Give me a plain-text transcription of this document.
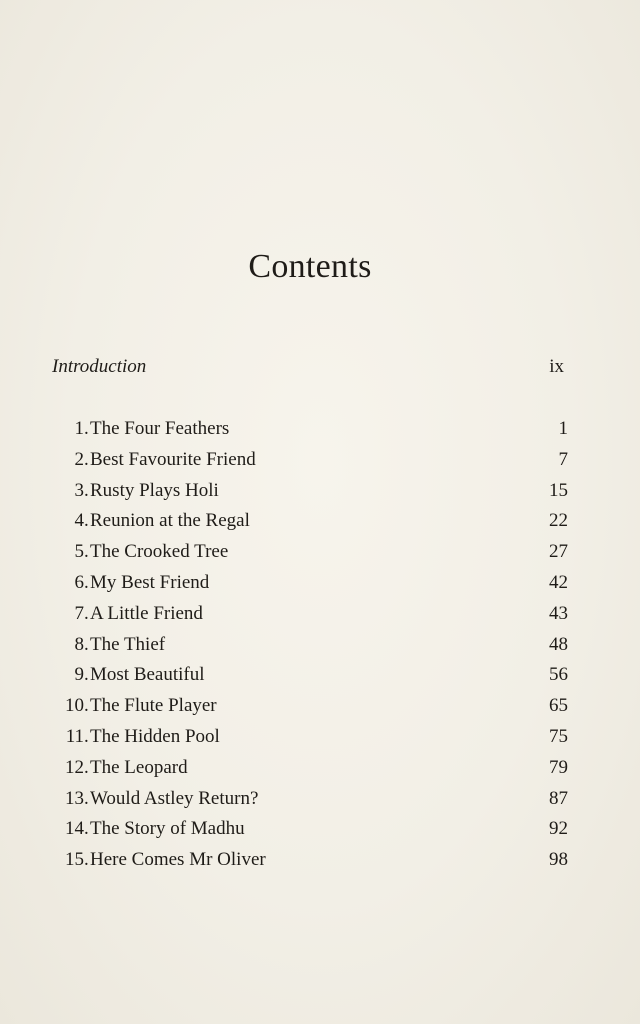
Contents
Introduction	ix
1 . The Four Feathers	1
2 . Best Favourite Friend	7
3 . Rusty Plays Holi	15
4 . Reunion at the Regal	22
5 . The Crooked Tree	27
6 . My Best Friend	42
7 . A Little Friend	43
8 . The Thief	48
9 . Most Beautiful	56
10 . The Flute Player	65
11 . The Hidden Pool	75
12 . The Leopard	79
13 . Would Astley Return?	87
14 . The Story of Madhu	92
15 . Here Comes Mr Oliver	98
